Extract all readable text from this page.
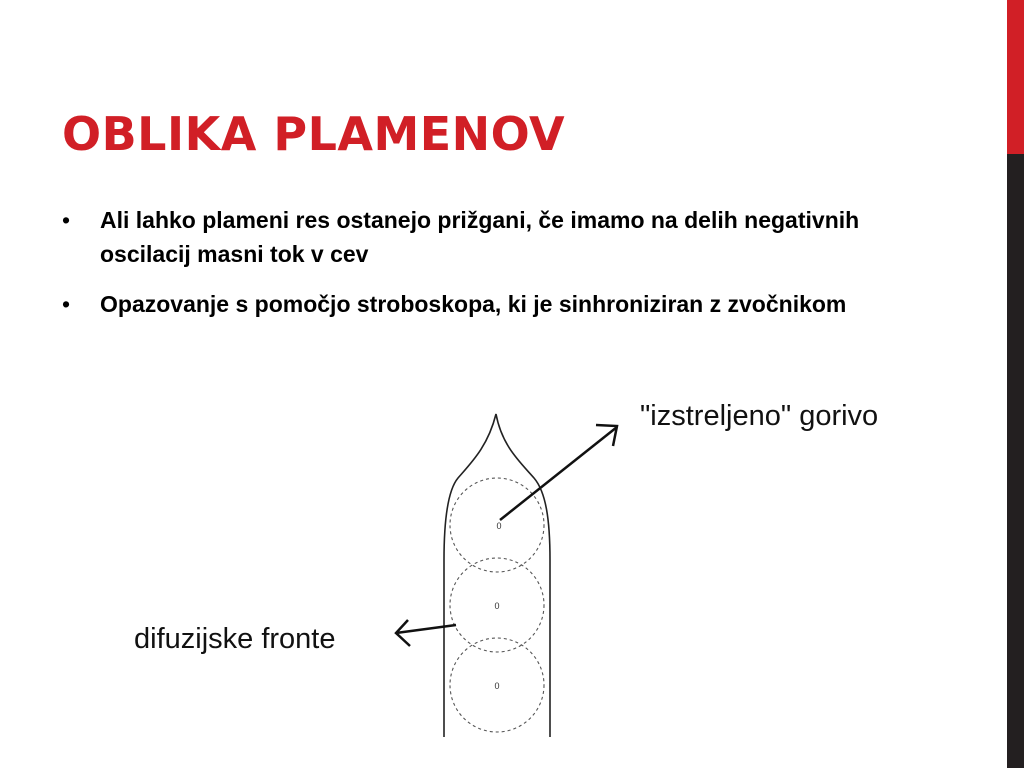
OBLIKA PLAMENOV
• Ali lahko plameni res ostanejo prižgani, če imamo na delih negativnih oscilacij masni tok v cev
• Opazovanje s pomočjo stroboskopa, ki je sinhroniziran z zvočnikom
0
0
0
"izstreljeno" gorivo
difuzijske fronte
